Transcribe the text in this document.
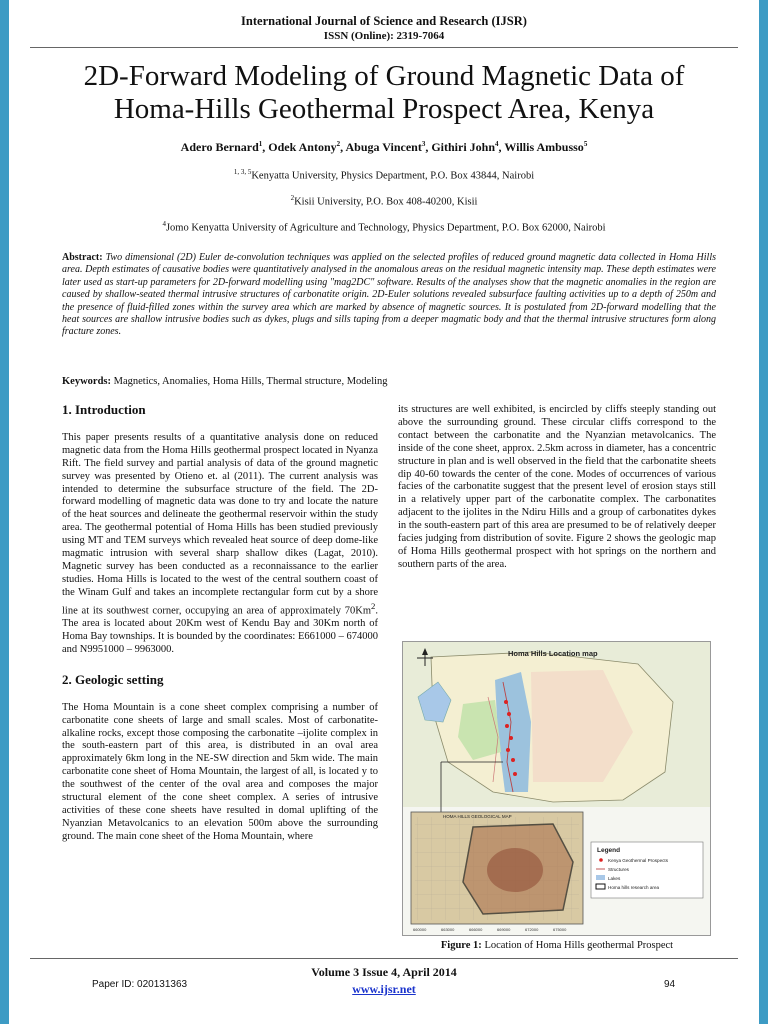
International Journal of Science and Research (IJSR)
ISSN (Online): 2319-7064
2D-Forward Modeling of Ground Magnetic Data of Homa-Hills Geothermal Prospect Area, Kenya
Adero Bernard$^1$, Odek Antony$^2$, Abuga Vincent$^3$, Githiri John$^4$, Willis Ambusso$^5$
$^{1, 3, 5}$Kenyatta University, Physics Department, P.O. Box 43844, Nairobi
$^2$Kisii University, P.O. Box 408-40200, Kisii
$^4$Jomo Kenyatta University of Agriculture and Technology, Physics Department, P.O. Box 62000, Nairobi
Abstract: Two dimensional (2D) Euler de-convolution techniques was applied on the selected profiles of reduced ground magnetic data collected in Homa Hills area. Depth estimates of causative bodies were quantitatively analysed in the anomalous areas on the residual magnetic intensity map. These depth estimates were later used as start-up parameters for 2D-forward modelling using "mag2DC" software. Results of the analyses show that the magnetic anomalies in the region are caused by shallow-seated thermal intrusive structures of carbonatite origin. 2D-Euler solutions revealed subsurface faulting activities up to a depth of 250m and the presence of fluid-filled zones within the survey area which are marked by absence of magnetic sources. It is postulated from 2D-forward modelling that the heat sources are shallow intrusive bodies such as dykes, plugs and sills taping from a deeper magmatic body and that the thermal intrusive structures form along fracture zones.
Keywords: Magnetics, Anomalies, Homa Hills, Thermal structure, Modeling

1. Introduction

This paper presents results of a quantitative analysis done on reduced magnetic data from the Homa Hills geothermal prospect located in Nyanza Rift. The field survey and partial analysis of data of the ground magnetic survey was presented by Otieno et. al (2011). The current analysis was intended to determine the subsurface structure of the field. The 2D-forward modelling of magnetic data was done to try and locate the nature of the heat sources and delineate the geothermal reservoir within the study area. The geothermal potential of Homa Hills has been studied previously using MT and TEM surveys which revealed heat source of deep dome-like magmatic intrusion with several sharp shallow dikes (Lagat, 2010). Magnetic survey has been conducted as a reconnaissance to the earlier studies. Homa Hills is located to the west of the central southern coast of the Winam Gulf and takes an incomplete rectangular form cut by a shore line at its southwest corner, occupying an area of approximately 70Km$^2$. The area is located about 20Km west of Kendu Bay and 30Km north of Homa Bay townships. It is bounded by the coordinates: E661000 – 674000 and N9951000 – 9963000.

2. Geologic setting

The Homa Mountain is a cone sheet complex comprising a number of carbonatite cone sheets of large and small scales. Most of carbonatite-alkaline rocks, except those composing the carbonatite –ijolite complex in the south-eastern part of this area, is distributed in an oval area approximately 6km long in the NE-SW direction and 5km wide. The main carbonatite cone sheet of Homa Mountain, the largest of all, is located y to the southwest of the center of the oval area and composes the major structural element of the cone sheet complex. A series of intrusive activities of these cone sheets have resulted in domal uplifting of the Nyanzian Metavolcanics to an elevation 500m above the surrounding ground. The main cone sheet of the Homa Mountain, where

its structures are well exhibited, is encircled by cliffs steeply standing out above the surrounding ground. These circular cliffs correspond to the contact between the carbonatite and the Nyanzian metavolcanics. The inside of the cone sheet, approx. 2.5km across in diameter, has a concentric structure in plan and is well observed in the field that the carbonatite sheets dip 40-60 towards the center of the cone. Modes of occurrences of various facies of the carbonatite suggest that the present level of erosion stays still in a relatively upper part of the carbonatite complex. The carbonatites adjacent to the ijolites in the Ndiru Hills and a group of carbonatites dykes in the south-eastern part of this area are presumed to be of relatively deeper facies judging from distribution of sovite. Figure 2 shows the geologic map of Homa Hills geothermal prospect with hot springs on the northern and southern parts of the area.

Homa Hills Location map
HOMA HILLS GEOLOGICAL MAP
660000	663000	666000	669000	672000	675000
Legend
Kenya Geothermal Prospects
Structures
Lakes
Homa hills research area
Figure 1: Location of Homa Hills geothermal Prospect
Volume 3 Issue 4, April 2014
www.ijsr.net
Paper ID: 020131363	94
